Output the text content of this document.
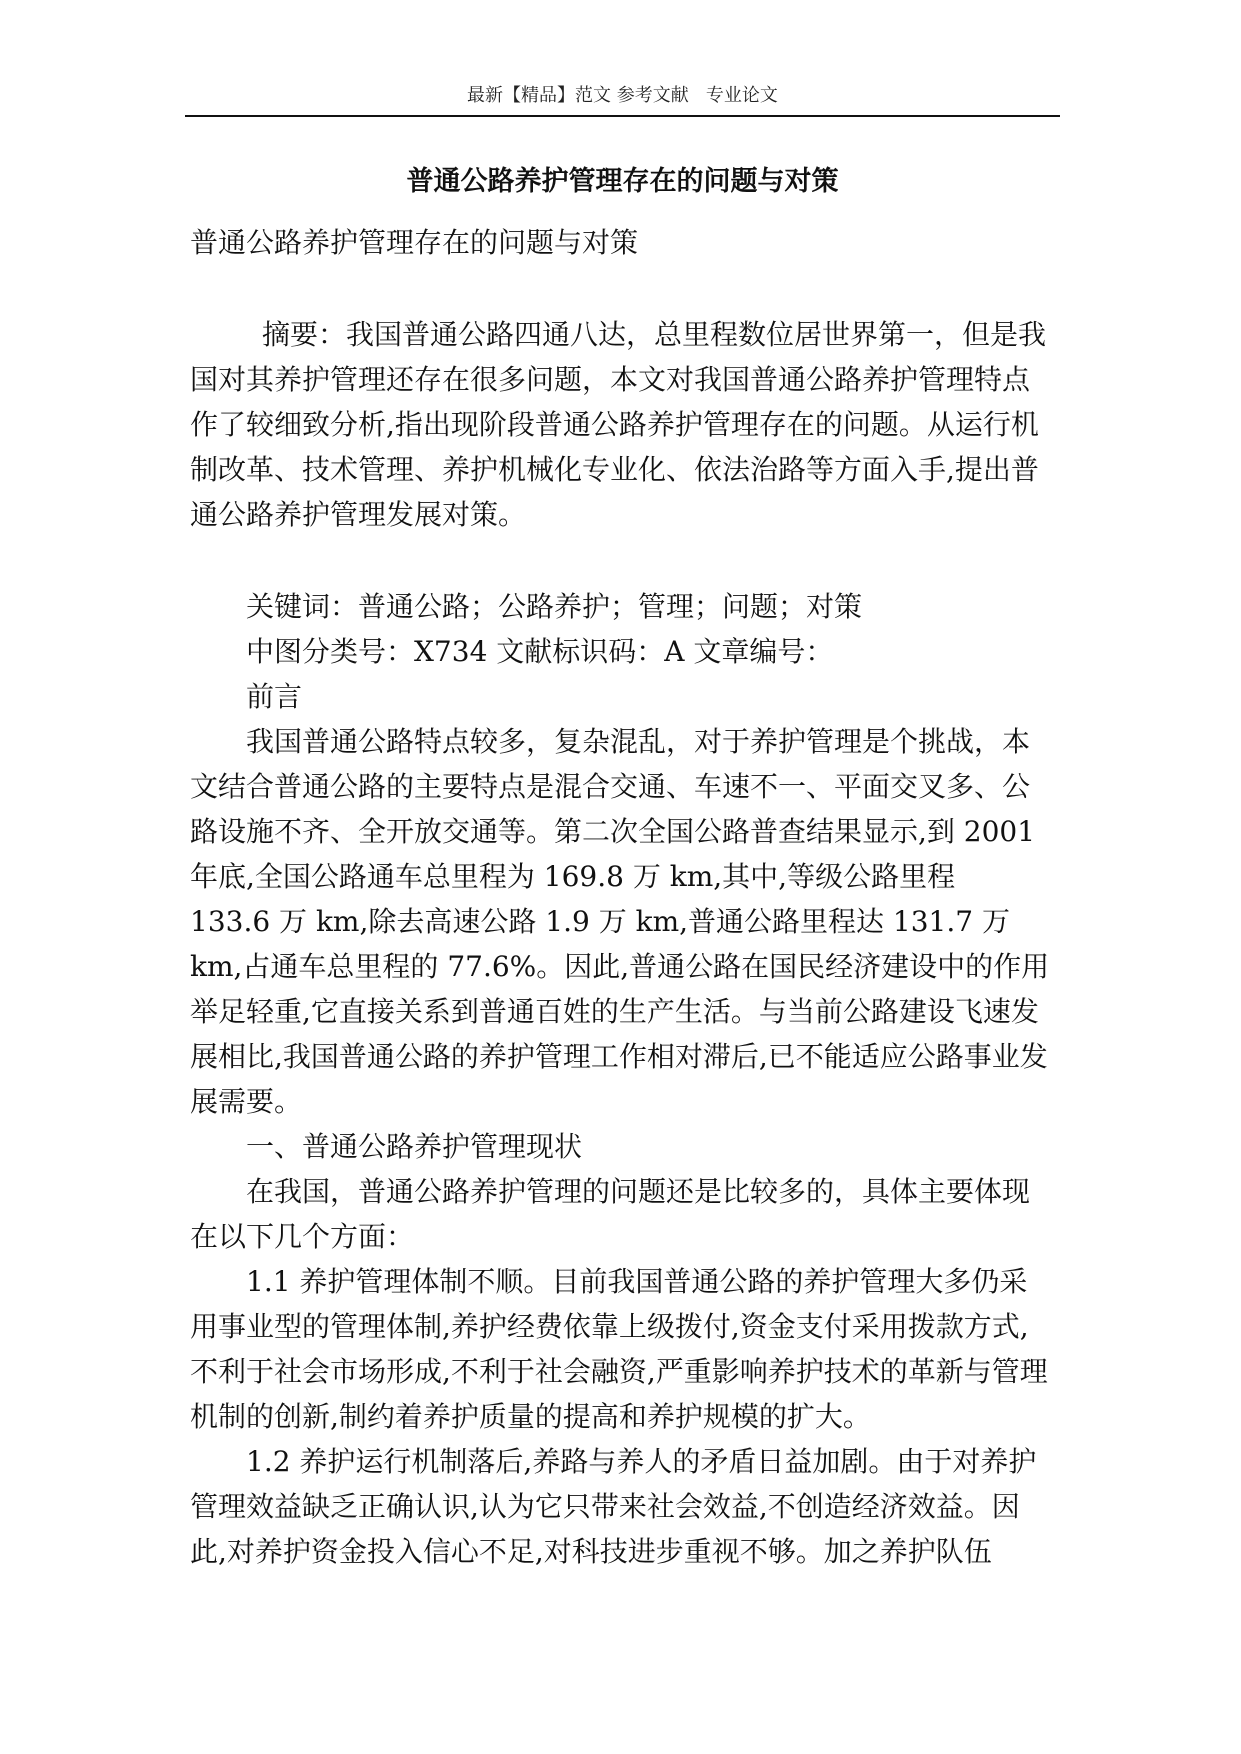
最新【精品】范文 参考文献   专业论文
普通公路养护管理存在的问题与对策
普通公路养护管理存在的问题与对策

摘要：我国普通公路四通八达，总里程数位居世界第一，但是我国对其养护管理还存在很多问题，本文对我国普通公路养护管理特点作了较细致分析,指出现阶段普通公路养护管理存在的问题。从运行机制改革、技术管理、养护机械化专业化、依法治路等方面入手,提出普通公路养护管理发展对策。

关键词：普通公路；公路养护；管理；问题；对策

中图分类号：X734 文献标识码：A 文章编号：

前言

我国普通公路特点较多，复杂混乱，对于养护管理是个挑战，本文结合普通公路的主要特点是混合交通、车速不一、平面交叉多、公路设施不齐、全开放交通等。第二次全国公路普查结果显示,到 2001 年底,全国公路通车总里程为 169.8 万 km,其中,等级公路里程

133.6 万 km,除去高速公路 1.9 万 km,普通公路里程达 131.7 万 km,占通车总里程的 77.6%。因此,普通公路在国民经济建设中的作用举足轻重,它直接关系到普通百姓的生产生活。与当前公路建设飞速发展相比,我国普通公路的养护管理工作相对滞后,已不能适应公路事业发展需要。

一、普通公路养护管理现状

在我国，普通公路养护管理的问题还是比较多的，具体主要体现在以下几个方面：

1.1 养护管理体制不顺。目前我国普通公路的养护管理大多仍采用事业型的管理体制,养护经费依靠上级拨付,资金支付采用拨款方式,不利于社会市场形成,不利于社会融资,严重影响养护技术的革新与管理机制的创新,制约着养护质量的提高和养护规模的扩大。

1.2 养护运行机制落后,养路与养人的矛盾日益加剧。由于对养护管理效益缺乏正确认识,认为它只带来社会效益,不创造经济效益。因此,对养护资金投入信心不足,对科技进步重视不够。加之养护队伍
